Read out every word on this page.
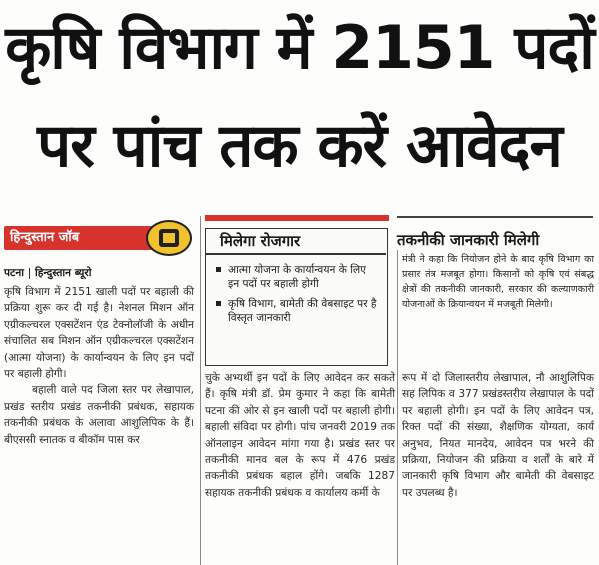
कृषि विभाग में 2151 पदों
पर पांच तक करें आवेदन
हिन्दुस्तान जॉब
पटना हिन्दुस्तान ब्यूरो

कृषि विभाग में 2151 खाली पदों पर बहाली की प्रक्रिया शुरू कर दी गई है। नेशनल मिशन ऑन एग्रीकल्चरल एक्सटेंशन एंड टेक्नोलॉजी के अधीन संचालित सब मिशन ऑन एग्रीकल्चरल एक्सटेंशन (आत्मा योजना) के कार्यान्वयन के लिए इन पदों पर बहाली होगी।

बहाली वाले पद जिला स्तर पर लेखापाल, प्रखंड स्तरीय प्रखंड तकनीकी प्रबंधक, सहायक तकनीकी प्रबंधक के अलावा आशुलिपिक के हैं। बीएससी स्नातक व बीकॉम पास कर

मिलेगा रोजगार
आत्मा योजना के कार्यान्वयन के लिए इन पदों पर बहाली होगी
कृषि विभाग, बामेती की वेबसाइट पर है विस्तृत जानकारी

चुके अभ्यर्थी इन पदों के लिए आवेदन कर सकते हैं। कृषि मंत्री डॉ. प्रेम कुमार ने कहा कि बामेती पटना की ओर से इन खाली पदों पर बहाली होगी। बहाली संविदा पर होगी। पांच जनवरी 2019 तक ऑनलाइन आवेदन मांगा गया है। प्रखंड स्तर पर तकनीकी मानव बल के रूप में 476 प्रखंड तकनीकी प्रबंधक बहाल होंगे। जबकि 1287 सहायक तकनीकी प्रबंधक व कार्यालय कर्मी के

तकनीकी जानकारी मिलेगी

मंत्री ने कहा कि नियोजन होने के बाद कृषि विभाग का प्रसार तंत्र मजबूत होगा। किसानों को कृषि एवं संबद्ध क्षेत्रों की तकनीकी जानकारी, सरकार की कल्याणकारी योजनाओं के क्रियान्वयन में मजबूती मिलेगी।

रूप में दो जिलास्तरीय लेखापाल, नौ आशुलिपिक सह लिपिक व 377 प्रखंडस्तरीय लेखापाल के पदों पर बहाली होगी। इन पदों के लिए आवेदन पत्र, रिक्त पदों की संख्या, शैक्षणिक योग्यता, कार्य अनुभव, नियत मानदेय, आवेदन पत्र भरने की प्रक्रिया, नियोजन की प्रक्रिया व शर्तों के बारे में जानकारी कृषि विभाग और बामेती की वेबसाइट पर उपलब्ध है।
